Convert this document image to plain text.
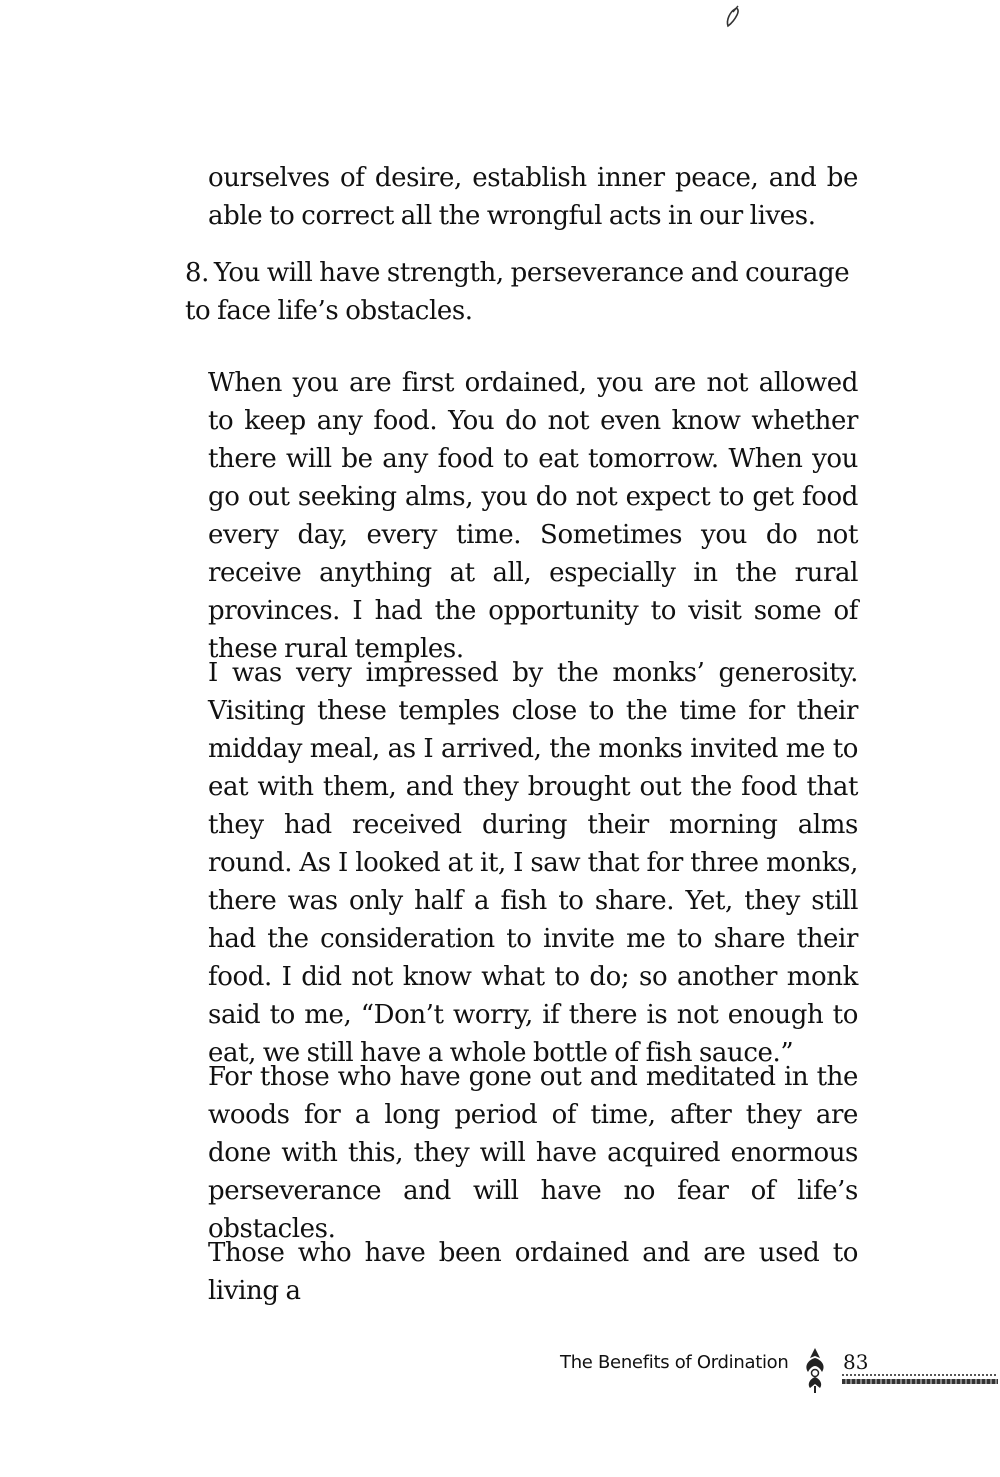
ourselves of desire, establish inner peace, and be able to correct all the wrongful acts in our lives.

8. You will have strength, perseverance and courage to face life’s obstacles.

When you are first ordained, you are not allowed to keep any food. You do not even know whether there will be any food to eat tomorrow. When you go out seeking alms, you do not expect to get food every day, every time. Sometimes you do not receive anything at all, especially in the rural provinces. I had the opportunity to visit some of these rural temples.

I was very impressed by the monks’ generosity. Visiting these temples close to the time for their midday meal, as I arrived, the monks invited me to eat with them, and they brought out the food that they had received during their morning alms round. As I looked at it, I saw that for three monks, there was only half a fish to share. Yet, they still had the consideration to invite me to share their food. I did not know what to do; so another monk said to me, “Don’t worry, if there is not enough to eat, we still have a whole bottle of fish sauce.”

For those who have gone out and meditated in the woods for a long period of time, after they are done with this, they will have acquired enormous perseverance and will have no fear of life’s obstacles.

Those who have been ordained and are used to living a

The Benefits of Ordination	83
